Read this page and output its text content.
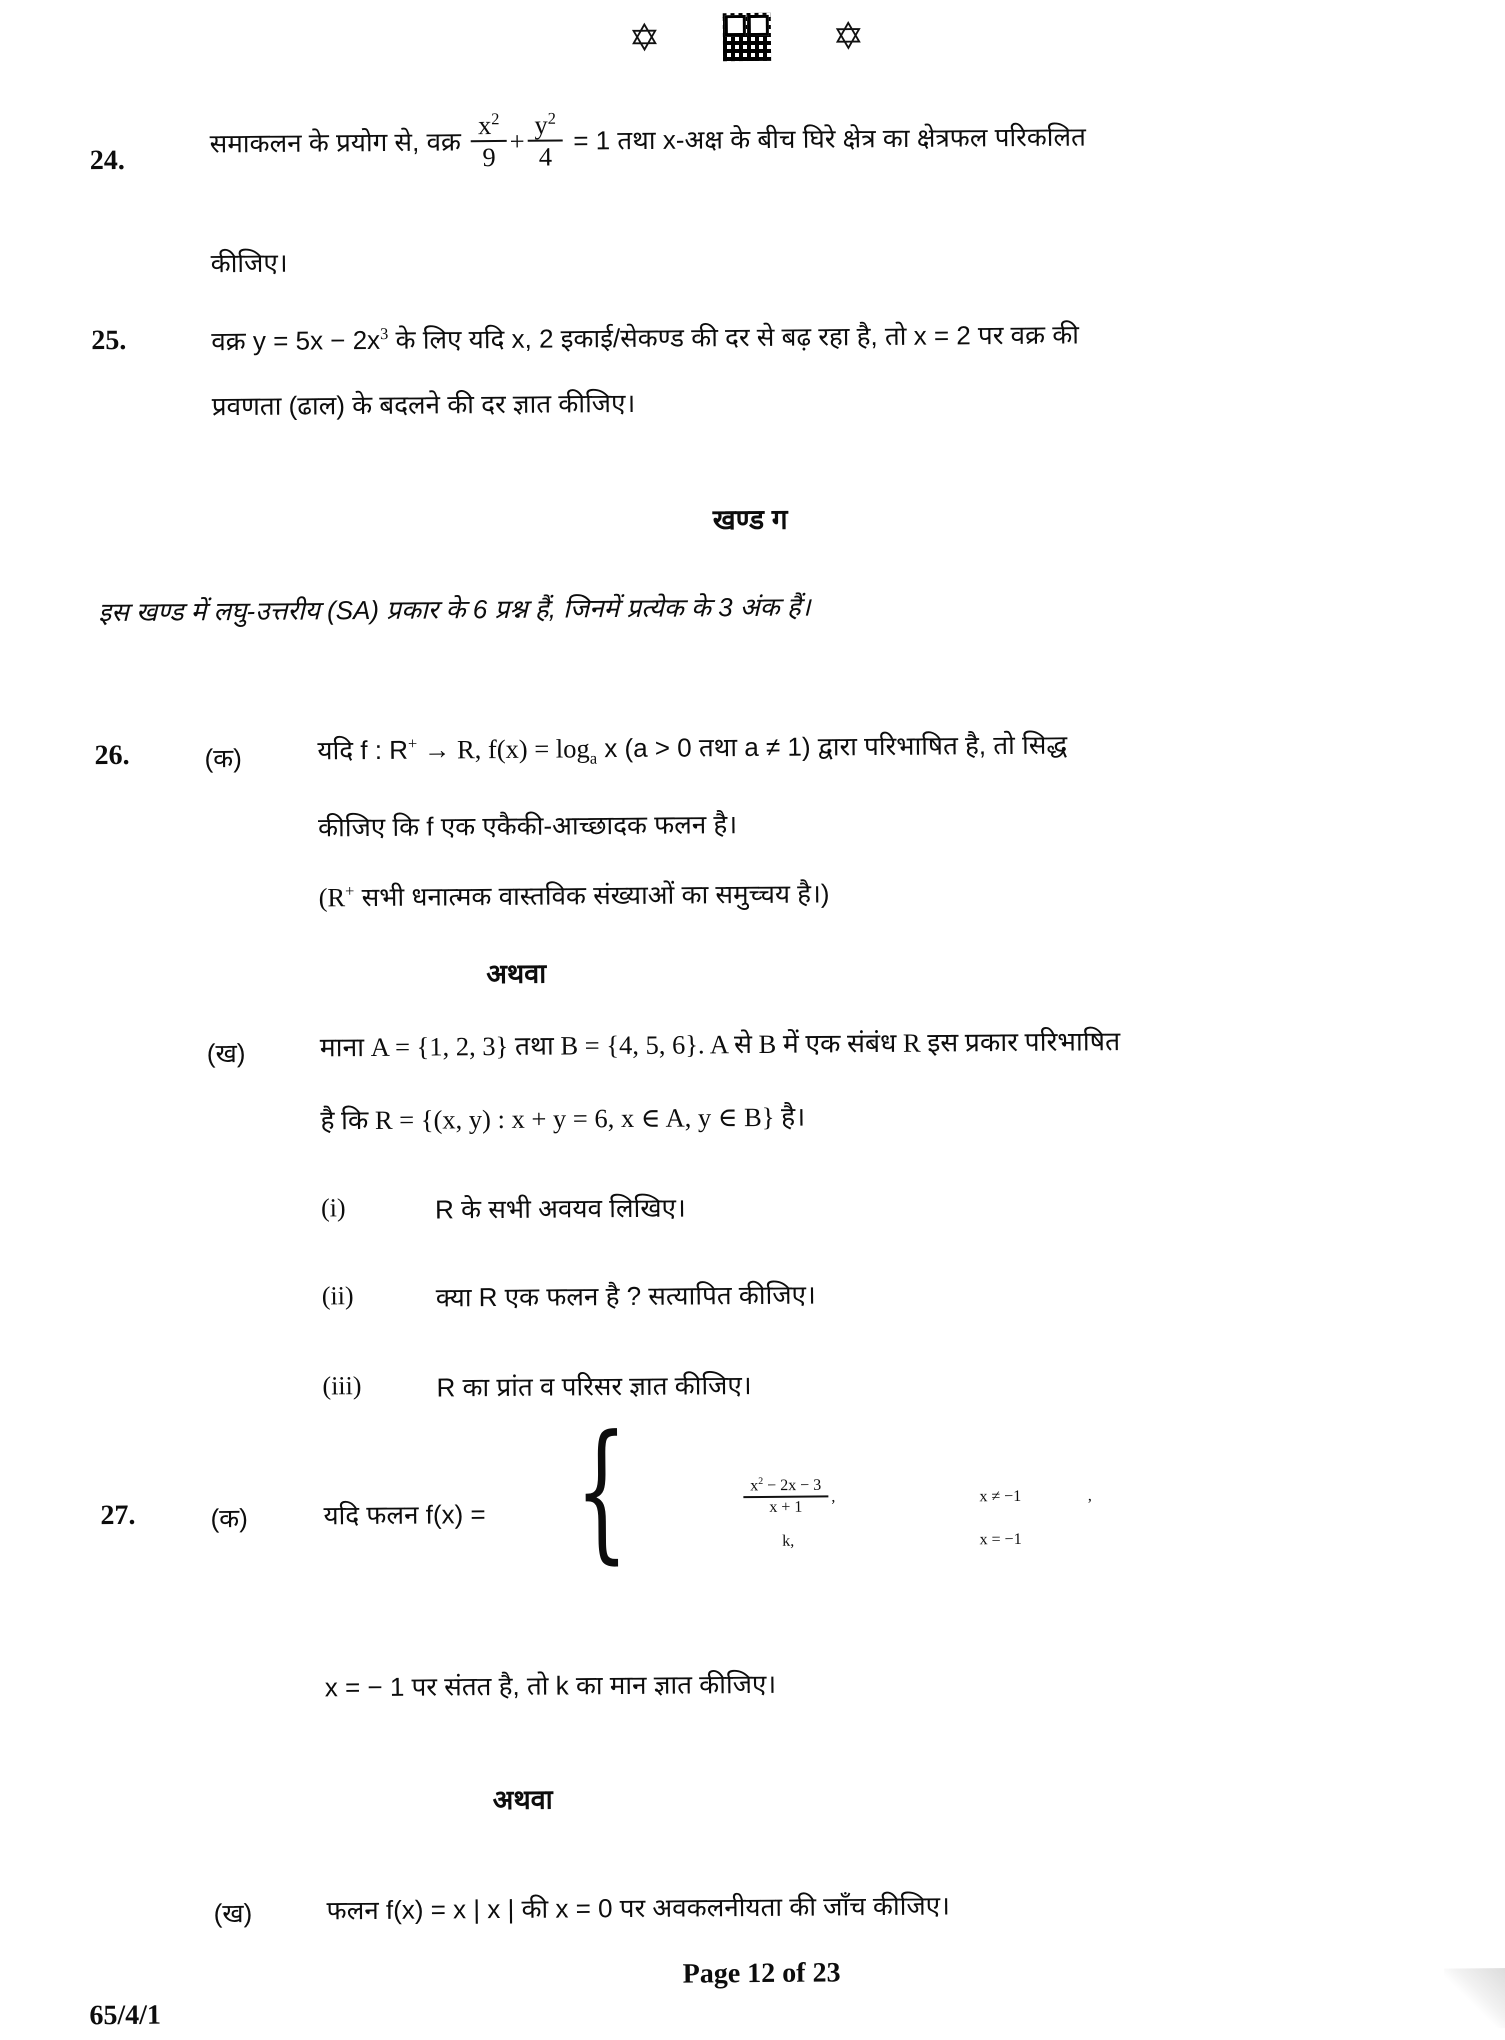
✡	✡
24.
समाकलन के प्रयोग से, वक्र $\frac{x^2}{9} + \frac{y^2}{4} = 1$ तथा x-अक्ष के बीच घिरे क्षेत्र का क्षेत्रफल परिकलित
कीजिए।
25.	वक्र $y = 5x - 2x^3$ के लिए यदि x, 2 इकाई/सेकण्ड की दर से बढ़ रहा है, तो x = 2 पर वक्र की
प्रवणता (ढाल) के बदलने की दर ज्ञात कीजिए।
खण्ड ग
इस खण्ड में लघु-उत्तरीय (SA) प्रकार के 6 प्रश्न हैं, जिनमें प्रत्येक के 3 अंक हैं।
26.	(क)	यदि f : R+ → R, $f(x) = \log_a x$ (a > 0 तथा a ≠ 1) द्वारा परिभाषित है, तो सिद्ध
कीजिए कि f एक एकैकी-आच्छादक फलन है।
(R+ सभी धनात्मक वास्तविक संख्याओं का समुच्चय है।)
अथवा
(ख)	माना A = {1, 2, 3} तथा B = {4, 5, 6}. A से B में एक संबंध R इस प्रकार परिभाषित
है कि R = {(x, y) : x + y = 6, x ∈ A, y ∈ B} है।
(i)	R के सभी अवयव लिखिए।
(ii)	क्या R एक फलन है ? सत्यापित कीजिए।
(iii)	R का प्रांत व परिसर ज्ञात कीजिए।
27.	(क)	यदि फलन f(x) = {	$\frac{x^2 - 2x - 3}{x + 1}$ ,	x ≠ −1	,
k,	x = −1
x = − 1 पर संतत है, तो k का मान ज्ञात कीजिए।
अथवा
(ख)	फलन f(x) = x | x | की x = 0 पर अवकलनीयता की जाँच कीजिए।
Page 12 of 23
65/4/1
